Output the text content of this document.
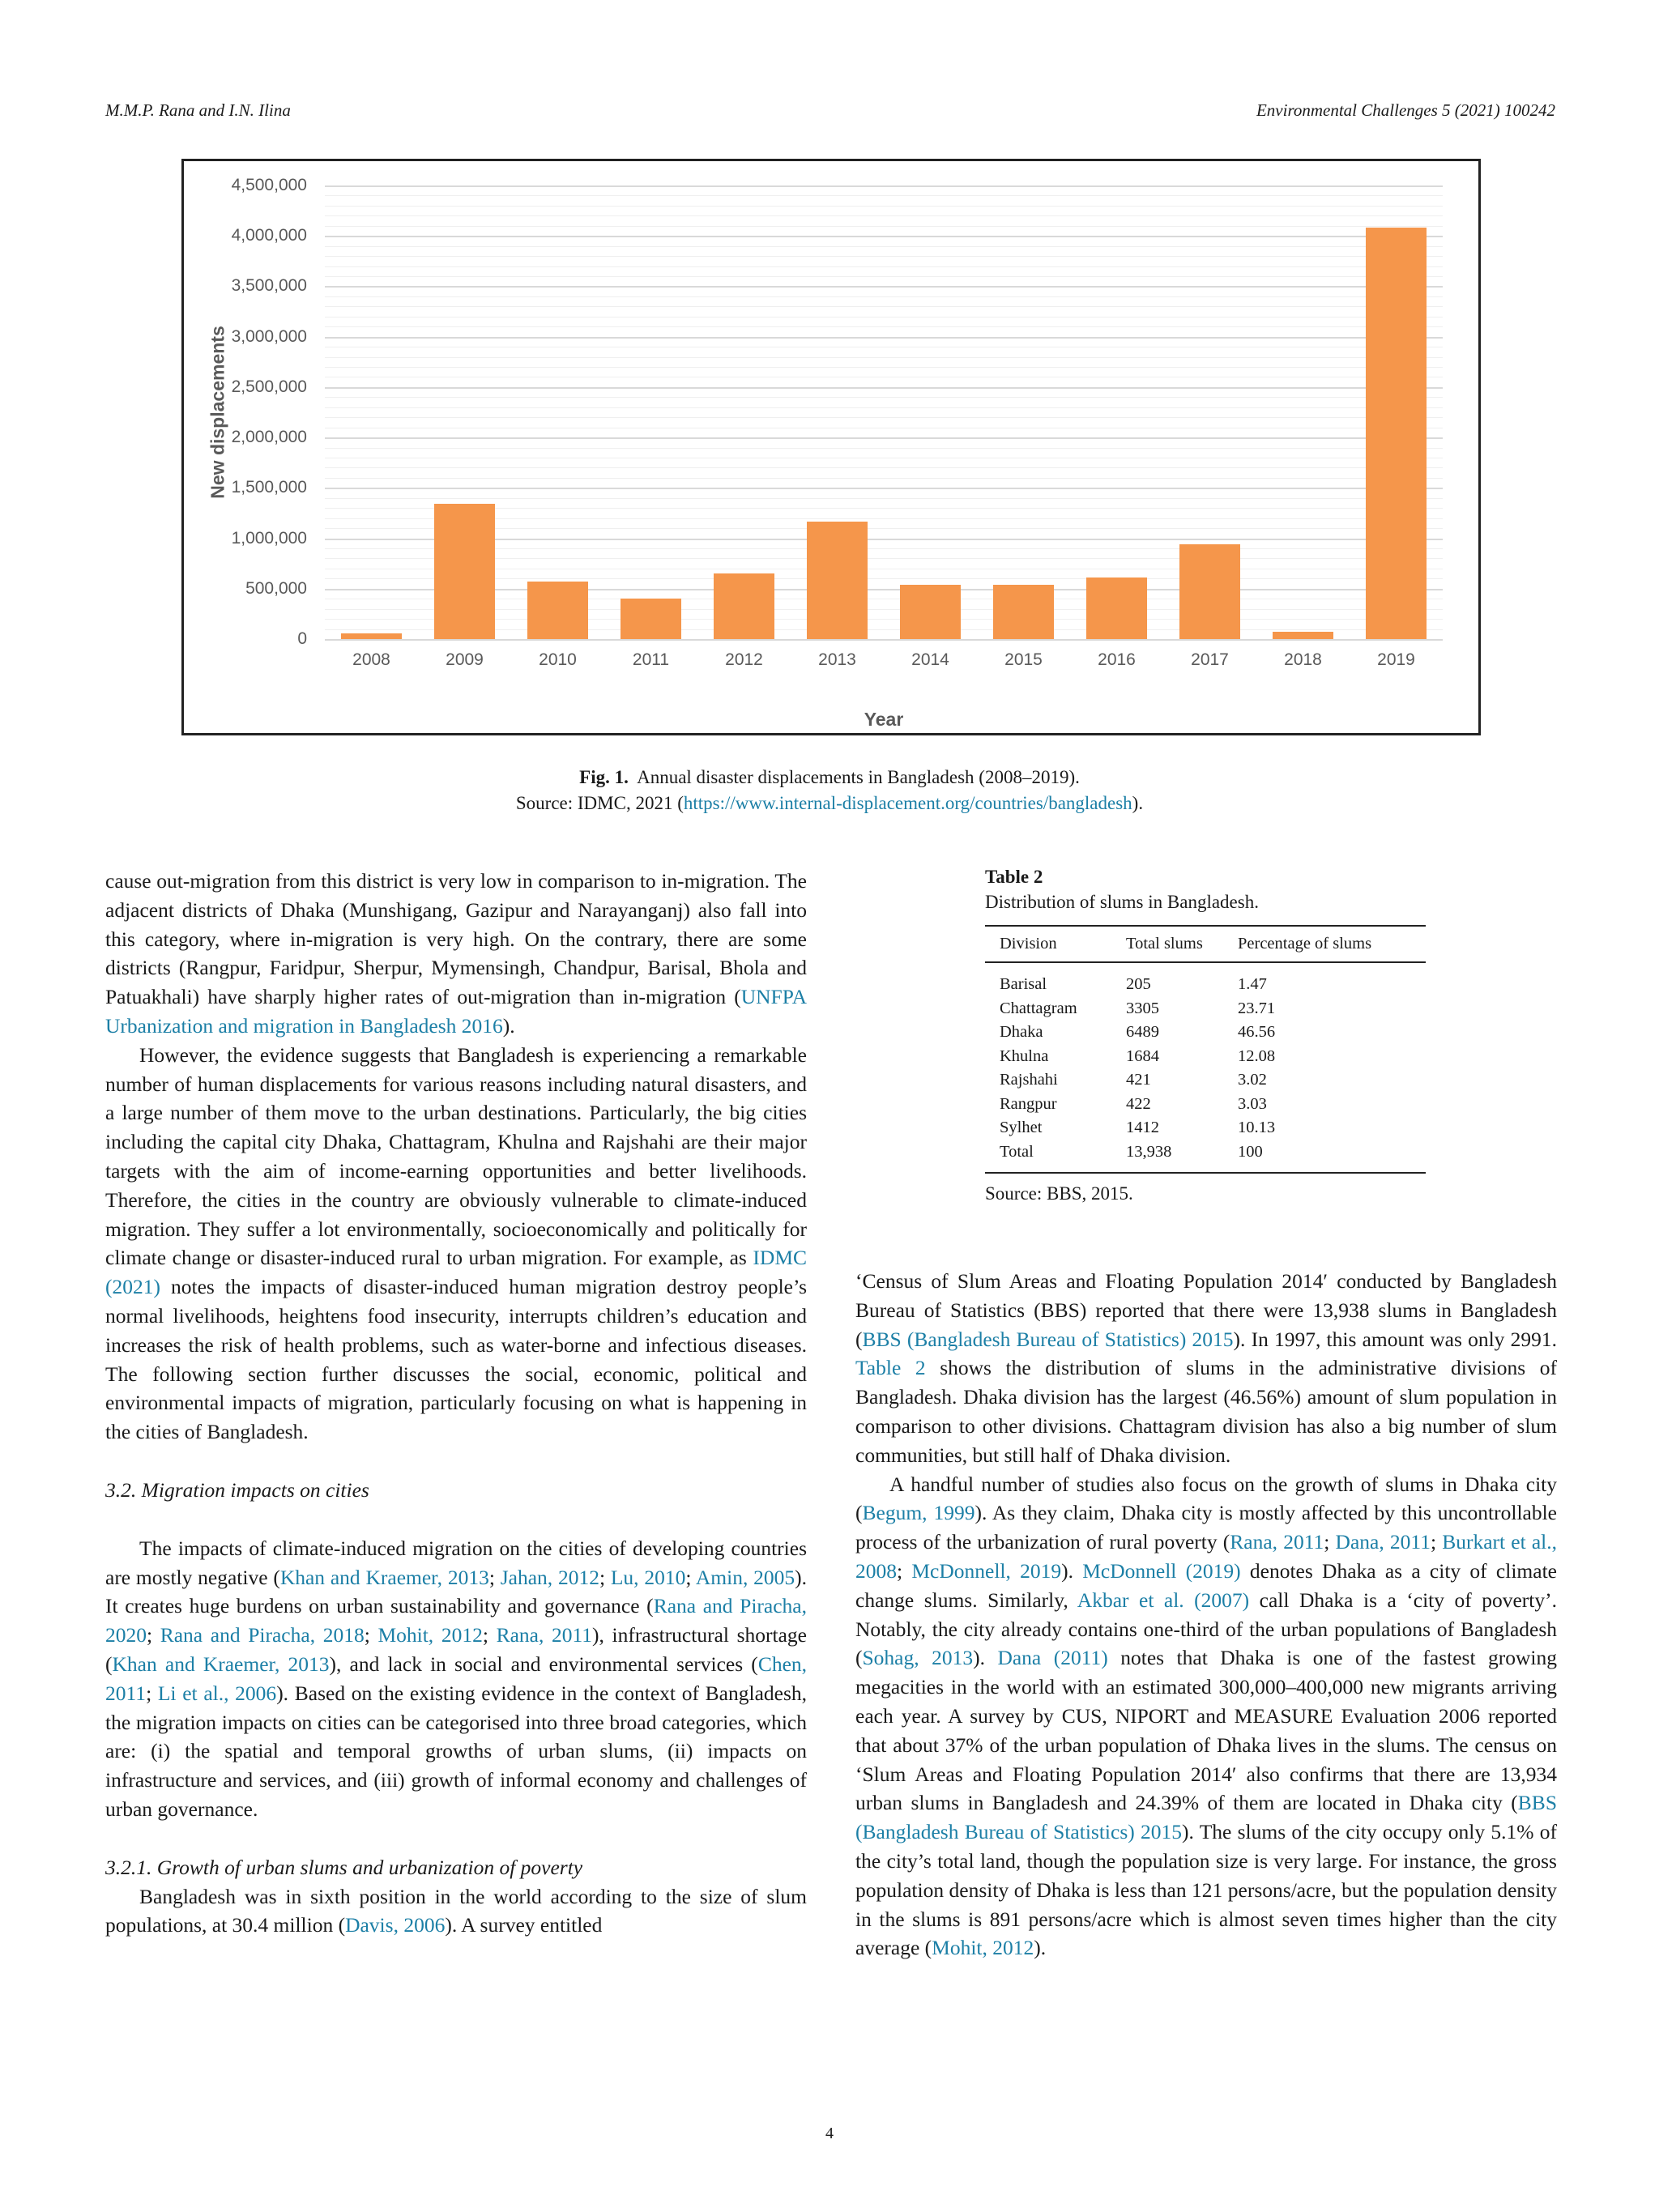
M.M.P. Rana and I.N. Ilina	Environmental Challenges 5 (2021) 100242
New displacements
0
500,000
1,000,000
1,500,000
2,000,000
2,500,000
3,000,000
3,500,000
4,000,000
4,500,000
2008	2009	2010	2011	2012	2013	2014	2015	2016	2017	2018	2019
Year
Fig. 1. Annual disaster displacements in Bangladesh (2008–2019).
Source: IDMC, 2021 (https://www.internal-displacement.org/countries/bangladesh).

cause out-migration from this district is very low in comparison to in-migration. The adjacent districts of Dhaka (Munshigang, Gazipur and Narayanganj) also fall into this category, where in-migration is very high. On the contrary, there are some districts (Rangpur, Faridpur, Sherpur, Mymensingh, Chandpur, Barisal, Bhola and Patuakhali) have sharply higher rates of out-migration than in-migration (UNFPA Urbanization and migration in Bangladesh 2016).

However, the evidence suggests that Bangladesh is experiencing a remarkable number of human displacements for various reasons including natural disasters, and a large number of them move to the urban destinations. Particularly, the big cities including the capital city Dhaka, Chattagram, Khulna and Rajshahi are their major targets with the aim of income-earning opportunities and better livelihoods. Therefore, the cities in the country are obviously vulnerable to climate-induced migration. They suffer a lot environmentally, socioeconomically and politically for climate change or disaster-induced rural to urban migration. For example, as IDMC (2021) notes the impacts of disaster-induced human migration destroy people’s normal livelihoods, heightens food insecurity, interrupts children’s education and increases the risk of health problems, such as water-borne and infectious diseases. The following section further discusses the social, economic, political and environmental impacts of migration, particularly focusing on what is happening in the cities of Bangladesh.

3.2. Migration impacts on cities

The impacts of climate-induced migration on the cities of developing countries are mostly negative (Khan and Kraemer, 2013; Jahan, 2012; Lu, 2010; Amin, 2005). It creates huge burdens on urban sustainability and governance (Rana and Piracha, 2020; Rana and Piracha, 2018; Mohit, 2012; Rana, 2011), infrastructural shortage (Khan and Kraemer, 2013), and lack in social and environmental services (Chen, 2011; Li et al., 2006). Based on the existing evidence in the context of Bangladesh, the migration impacts on cities can be categorised into three broad categories, which are: (i) the spatial and temporal growths of urban slums, (ii) impacts on infrastructure and services, and (iii) growth of informal economy and challenges of urban governance.

3.2.1. Growth of urban slums and urbanization of poverty

Bangladesh was in sixth position in the world according to the size of slum populations, at 30.4 million (Davis, 2006). A survey entitled

Table 2
Distribution of slums in Bangladesh.
Division	Total slums	Percentage of slums
Barisal	205	1.47
Chattagram	3305	23.71
Dhaka	6489	46.56
Khulna	1684	12.08
Rajshahi	421	3.02
Rangpur	422	3.03
Sylhet	1412	10.13
Total	13,938	100
Source: BBS, 2015.

‘Census of Slum Areas and Floating Population 2014′ conducted by Bangladesh Bureau of Statistics (BBS) reported that there were 13,938 slums in Bangladesh (BBS (Bangladesh Bureau of Statistics) 2015). In 1997, this amount was only 2991. Table 2 shows the distribution of slums in the administrative divisions of Bangladesh. Dhaka division has the largest (46.56%) amount of slum population in comparison to other divisions. Chattagram division has also a big number of slum communities, but still half of Dhaka division.

A handful number of studies also focus on the growth of slums in Dhaka city (Begum, 1999). As they claim, Dhaka city is mostly affected by this uncontrollable process of the urbanization of rural poverty (Rana, 2011; Dana, 2011; Burkart et al., 2008; McDonnell, 2019). McDonnell (2019) denotes Dhaka as a city of climate change slums. Similarly, Akbar et al. (2007) call Dhaka is a ‘city of poverty’. Notably, the city already contains one-third of the urban populations of Bangladesh (Sohag, 2013). Dana (2011) notes that Dhaka is one of the fastest growing megacities in the world with an estimated 300,000–400,000 new migrants arriving each year. A survey by CUS, NIPORT and MEASURE Evaluation 2006 reported that about 37% of the urban population of Dhaka lives in the slums. The census on ‘Slum Areas and Floating Population 2014′ also confirms that there are 13,934 urban slums in Bangladesh and 24.39% of them are located in Dhaka city (BBS (Bangladesh Bureau of Statistics) 2015). The slums of the city occupy only 5.1% of the city’s total land, though the population size is very large. For instance, the gross population density of Dhaka is less than 121 persons/acre, but the population density in the slums is 891 persons/acre which is almost seven times higher than the city average (Mohit, 2012).

4
